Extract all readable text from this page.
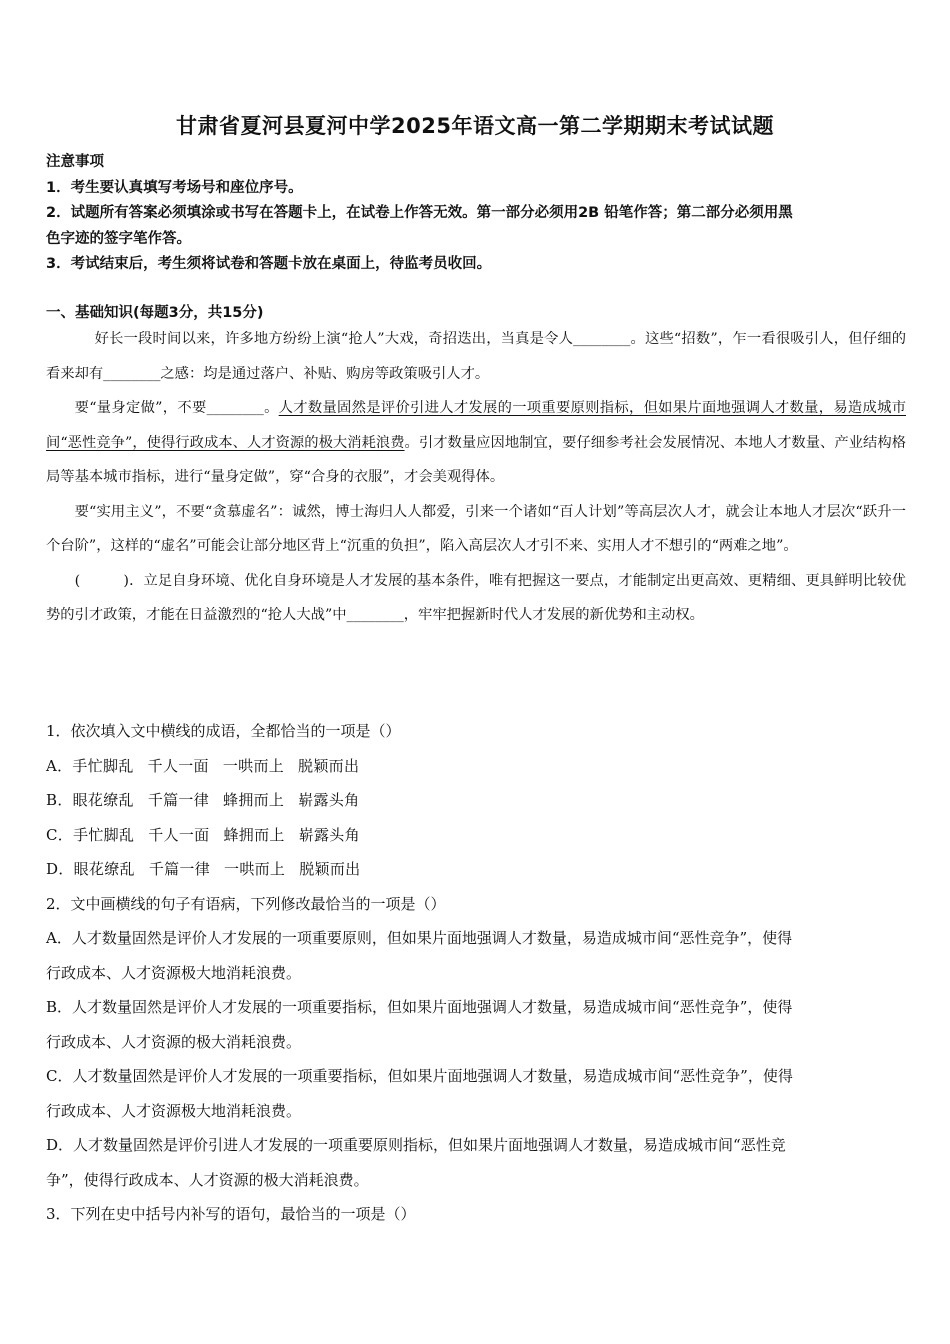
甘肃省夏河县夏河中学2025年语文高一第二学期期末考试试题
注意事项
1．考生要认真填写考场号和座位序号。
2．试题所有答案必须填涂或书写在答题卡上，在试卷上作答无效。第一部分必须用2B 铅笔作答；第二部分必须用黑
色字迹的签字笔作答。
3．考试结束后，考生须将试卷和答题卡放在桌面上，待监考员收回。
一、基础知识(每题3分，共15分)

好长一段时间以来，许多地方纷纷上演“抢人”大戏，奇招迭出，当真是令人________。这些“招数”，乍一看很吸引人，但仔细的看来却有________之感：均是通过落户、补贴、购房等政策吸引人才。

要“量身定做”，不要________。人才数量固然是评价引进人才发展的一项重要原则指标，但如果片面地强调人才数量，易造成城市间“恶性竞争”，使得行政成本、人才资源的极大消耗浪费。引才数量应因地制宜，要仔细参考社会发展情况、本地人才数量、产业结构格局等基本城市指标，进行“量身定做”，穿“合身的衣服”，才会美观得体。

要“实用主义”，不要“贪慕虚名”：诚然，博士海归人人都爱，引来一个诸如“百人计划”等高层次人才，就会让本地人才层次“跃升一个台阶”，这样的“虚名”可能会让部分地区背上“沉重的负担”，陷入高层次人才引不来、实用人才不想引的“两难之地”。

(　　　)．立足自身环境、优化自身环境是人才发展的基本条件，唯有把握这一要点，才能制定出更高效、更精细、更具鲜明比较优势的引才政策，才能在日益激烈的“抢人大战”中________，牢牢把握新时代人才发展的新优势和主动权。

1．依次填入文中横线的成语，全都恰当的一项是（）
A．手忙脚乱 千人一面 一哄而上 脱颖而出
B．眼花缭乱 千篇一律 蜂拥而上 崭露头角
C．手忙脚乱 千人一面 蜂拥而上 崭露头角
D．眼花缭乱 千篇一律 一哄而上 脱颖而出
2．文中画横线的句子有语病，下列修改最恰当的一项是（）
A．人才数量固然是评价人才发展的一项重要原则，但如果片面地强调人才数量，易造成城市间“恶性竞争”，使得
行政成本、人才资源极大地消耗浪费。
B．人才数量固然是评价人才发展的一项重要指标，但如果片面地强调人才数量，易造成城市间“恶性竞争”，使得
行政成本、人才资源的极大消耗浪费。
C．人才数量固然是评价人才发展的一项重要指标，但如果片面地强调人才数量，易造成城市间“恶性竞争”，使得
行政成本、人才资源极大地消耗浪费。
D．人才数量固然是评价引进人才发展的一项重要原则指标，但如果片面地强调人才数量，易造成城市间“恶性竞
争”，使得行政成本、人才资源的极大消耗浪费。
3．下列在史中括号内补写的语句，最恰当的一项是（）
